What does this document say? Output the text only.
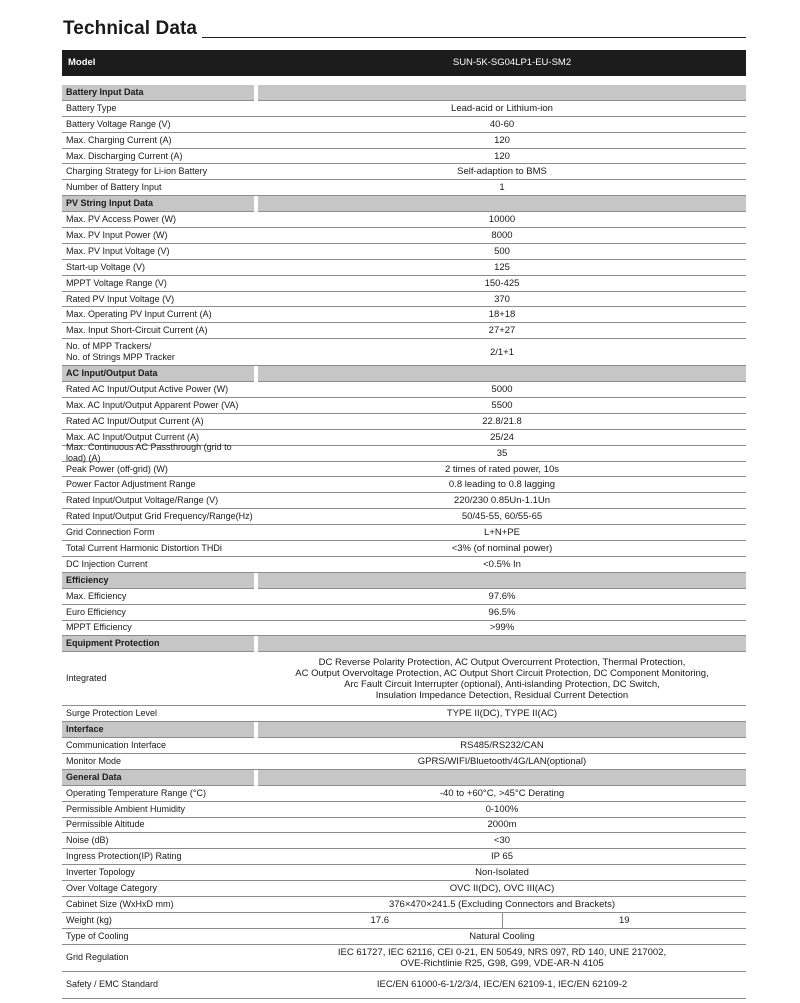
Technical Data
Model	SUN-5K-SG04LP1-EU-SM2
Battery Input Data
Battery Type	Lead-acid or Lithium-ion
Battery Voltage Range (V)	40-60
Max. Charging Current (A)	120
Max. Discharging Current (A)	120
Charging Strategy for Li-ion Battery	Self-adaption to BMS
Number of Battery Input	1
PV String Input Data
Max. PV Access Power (W)	10000
Max. PV Input Power (W)	8000
Max. PV Input Voltage (V)	500
Start-up Voltage (V)	125
MPPT Voltage Range (V)	150-425
Rated PV Input Voltage (V)	370
Max. Operating PV Input Current (A)	18+18
Max. Input Short-Circuit Current (A)	27+27
No. of MPP Trackers/
No. of Strings MPP Tracker	2/1+1
AC Input/Output Data
Rated AC Input/Output Active Power (W)	5000
Max. AC Input/Output Apparent Power (VA)	5500
Rated AC Input/Output Current (A)	22.8/21.8
Max. AC Input/Output Current (A)	25/24
Max. Continuous AC Passthrough (grid to load) (A)	35
Peak Power (off-grid) (W)	2 times of rated power, 10s
Power Factor Adjustment Range	0.8 leading to 0.8 lagging
Rated Input/Output Voltage/Range (V)	220/230 0.85Un-1.1Un
Rated Input/Output Grid Frequency/Range(Hz)	50/45-55, 60/55-65
Grid Connection Form	L+N+PE
Total Current Harmonic Distortion THDi	<3% (of nominal power)
DC Injection Current	<0.5% In
Efficiency
Max. Efficiency	97.6%
Euro Efficiency	96.5%
MPPT Efficiency	>99%
Equipment Protection
Integrated
DC Reverse Polarity Protection, AC Output Overcurrent Protection, Thermal Protection,
AC Output Overvoltage Protection, AC Output Short Circuit Protection, DC Component Monitoring,
Arc Fault Circuit Interrupter (optional), Anti-islanding Protection, DC Switch,
Insulation Impedance Detection, Residual Current Detection
Surge Protection Level	TYPE II(DC), TYPE II(AC)
Interface
Communication Interface	RS485/RS232/CAN
Monitor Mode	GPRS/WIFI/Bluetooth/4G/LAN(optional)
General Data
Operating Temperature Range (°C)	-40 to +60°C, >45°C Derating
Permissible Ambient Humidity	0-100%
Permissible Altitude	2000m
Noise (dB)	<30
Ingress Protection(IP) Rating	IP 65
Inverter Topology	Non-Isolated
Over Voltage Category	OVC II(DC), OVC III(AC)
Cabinet Size (WxHxD mm)	376×470×241.5 (Excluding Connectors and Brackets)
Weight (kg)	17.6	19
Type of Cooling	Natural Cooling
Grid Regulation	IEC 61727, IEC 62116, CEI 0-21, EN 50549, NRS 097, RD 140, UNE 217002,
OVE-Richtlinie R25, G98, G99, VDE-AR-N 4105
Safety / EMC Standard	IEC/EN 61000-6-1/2/3/4, IEC/EN 62109-1, IEC/EN 62109-2
